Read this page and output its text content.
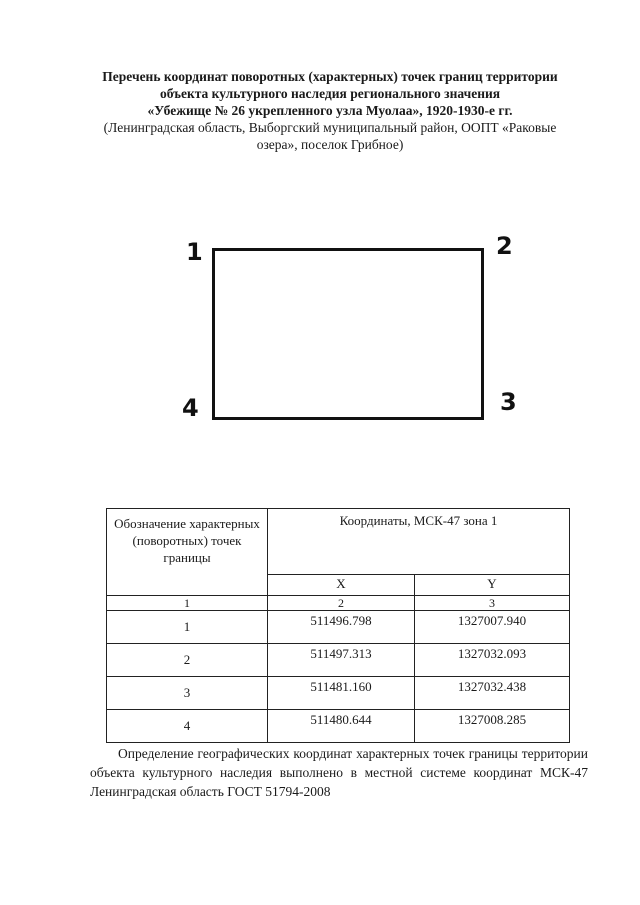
Перечень координат поворотных (характерных) точек границ территории
объекта культурного наследия регионального значения
«Убежище № 26 укрепленного узла Муолаа», 1920-1930-е гг.
(Ленинградская область, Выборгский муниципальный район, ООПТ «Раковые
озера», поселок Грибное)
1	2
3
4
Обозначение характерных (поворотных) точек границы	Координаты, МСК-47 зона 1	
	X	Y
1	2	3
1	511496.798	1327007.940
2	511497.313	1327032.093
3	511481.160	1327032.438
4	511480.644	1327008.285

Определение географических координат характерных точек границы территории объекта культурного наследия выполнено в местной системе координат МСК-47 Ленинградская область ГОСТ 51794-2008
